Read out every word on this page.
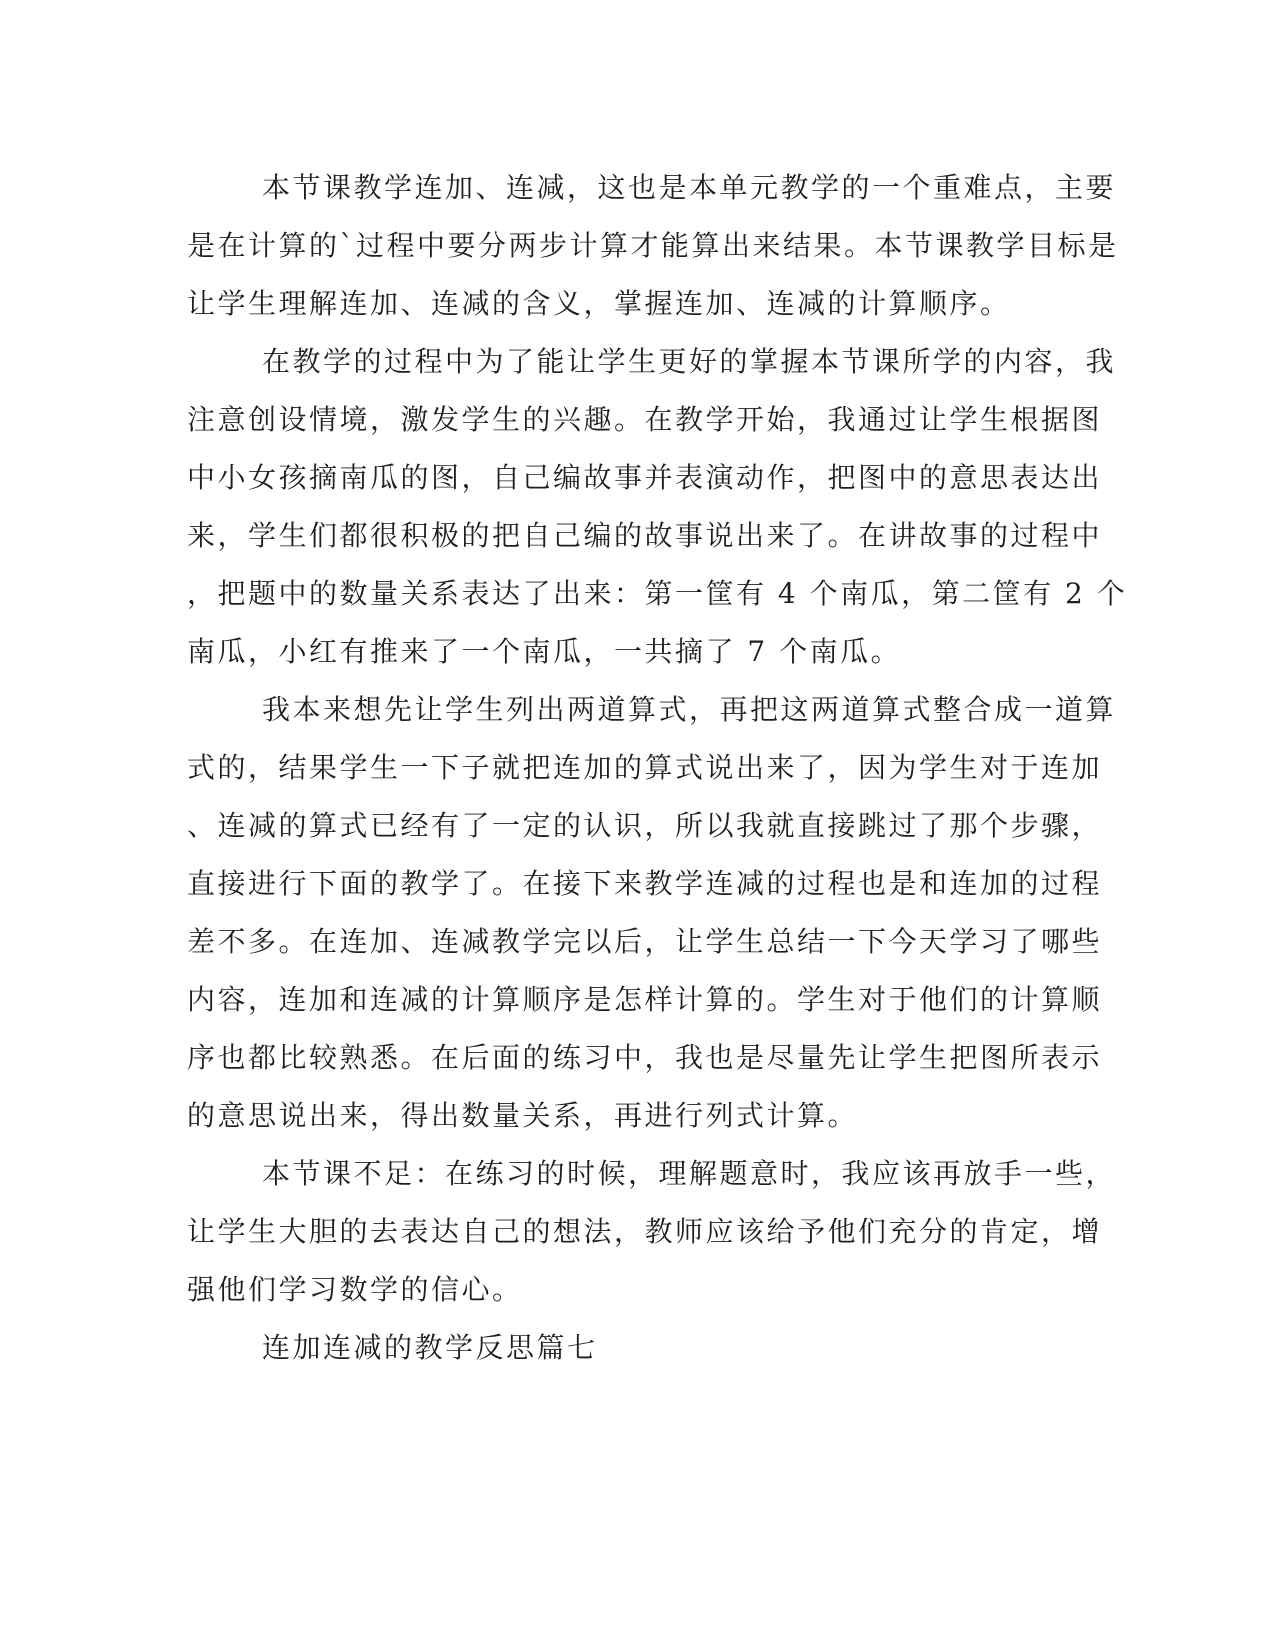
本节课教学连加、连减，这也是本单元教学的一个重难点，主要

是在计算的`过程中要分两步计算才能算出来结果。本节课教学目标是

让学生理解连加、连减的含义，掌握连加、连减的计算顺序。

在教学的过程中为了能让学生更好的掌握本节课所学的内容，我

注意创设情境，激发学生的兴趣。在教学开始，我通过让学生根据图

中小女孩摘南瓜的图，自己编故事并表演动作，把图中的意思表达出

来，学生们都很积极的把自己编的故事说出来了。在讲故事的过程中

，把题中的数量关系表达了出来：第一筐有 4 个南瓜，第二筐有 2 个

南瓜，小红有推来了一个南瓜，一共摘了 7 个南瓜。

我本来想先让学生列出两道算式，再把这两道算式整合成一道算

式的，结果学生一下子就把连加的算式说出来了，因为学生对于连加

、连减的算式已经有了一定的认识，所以我就直接跳过了那个步骤，

直接进行下面的教学了。在接下来教学连减的过程也是和连加的过程

差不多。在连加、连减教学完以后，让学生总结一下今天学习了哪些

内容，连加和连减的计算顺序是怎样计算的。学生对于他们的计算顺

序也都比较熟悉。在后面的练习中，我也是尽量先让学生把图所表示

的意思说出来，得出数量关系，再进行列式计算。

本节课不足：在练习的时候，理解题意时，我应该再放手一些，

让学生大胆的去表达自己的想法，教师应该给予他们充分的肯定，增

强他们学习数学的信心。

连加连减的教学反思篇七
